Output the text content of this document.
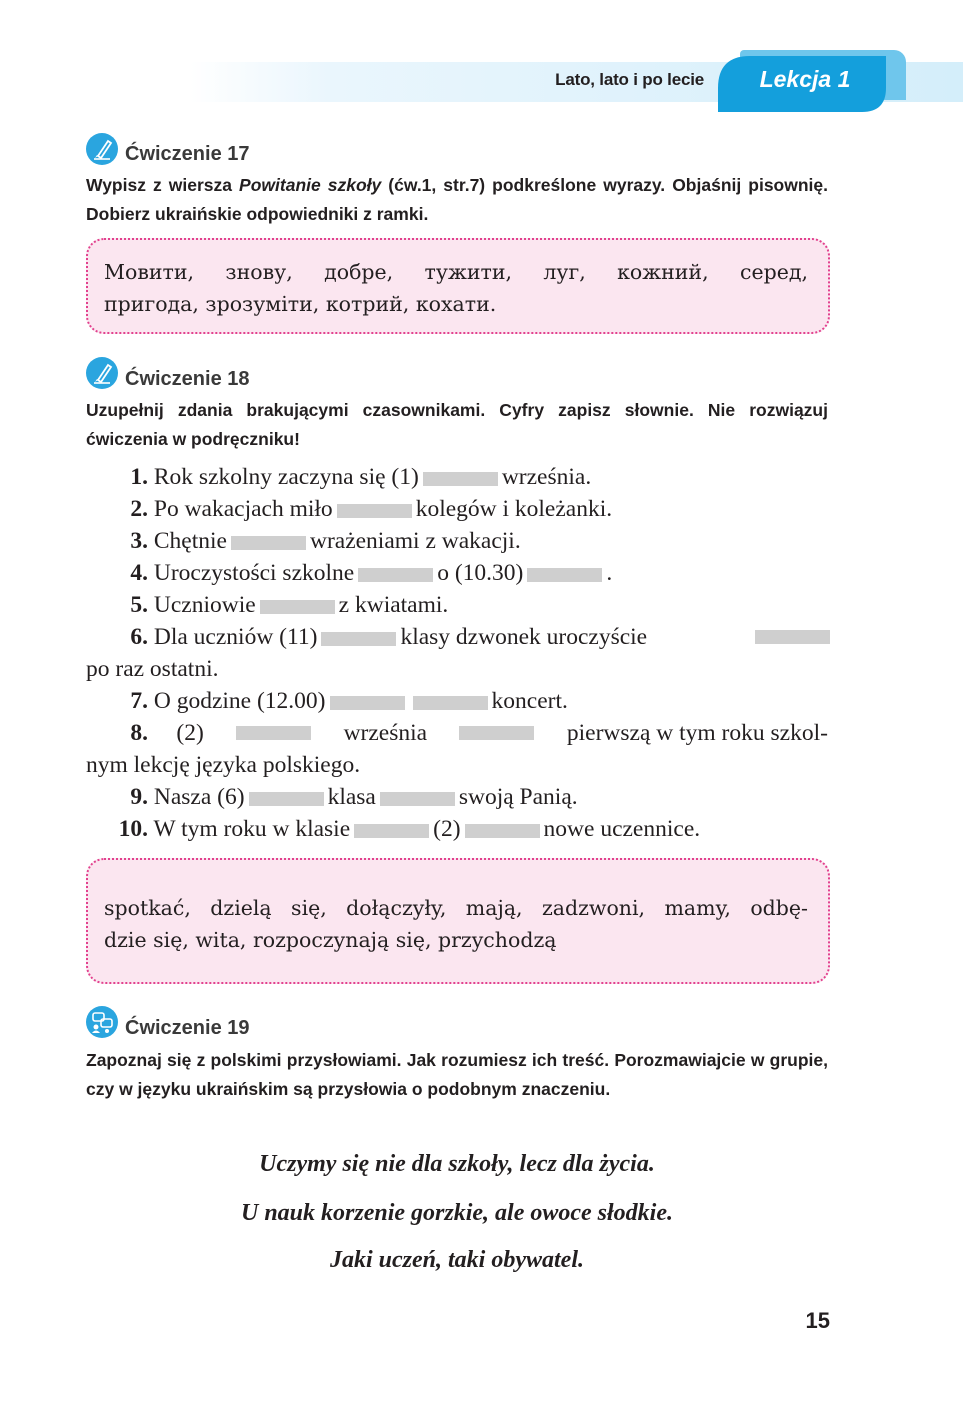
Lato, lato i po lecie	Lekcja 1
Ćwiczenie 17
Wypisz z wiersza Powitanie szkoły (ćw.1, str.7) podkreślone wyrazy. Objaśnij pisownię. Dobierz ukraińskie odpowiedniki z ramki.
Мовити, знову, добре, тужити, луг, кожний, серед,
пригода, зрозуміти, котрий, кохати.
Ćwiczenie 18
Uzupełnij zdania brakującymi czasownikami. Cyfry zapisz słownie. Nie rozwiązuj ćwiczenia w podręczniku!
1. Rok szkolny zaczyna się (1)	września.
2. Po wakacjach miło	kolegów i koleżanki.
3. Chętnie	wrażeniami z wakacji.
4. Uroczystości szkolne	o (10.30)	.
5. Uczniowie	z kwiatami.
6. Dla uczniów (11)	klasy dzwonek uroczyście
po raz ostatni.
7. O godzine (12.00)	koncert.
8. (2)	września	pierwszą w tym roku szkol-
nym lekcję języka polskiego.
9. Nasza (6)	klasa	swoją Panią.
10. W tym roku w klasie	(2)	nowe uczennice.
spotkać, dzielą się, dołączyły, mają, zadzwoni, mamy, odbę-
dzie się, wita, rozpoczynają się, przychodzą
Ćwiczenie 19
Zapoznaj się z polskimi przysłowiami. Jak rozumiesz ich treść. Porozmawiajcie w grupie, czy w języku ukraińskim są przysłowia o podobnym znaczeniu.
Uczymy się nie dla szkoły, lecz dla życia.
U nauk korzenie gorzkie, ale owoce słodkie.
Jaki uczeń, taki obywatel.
15
